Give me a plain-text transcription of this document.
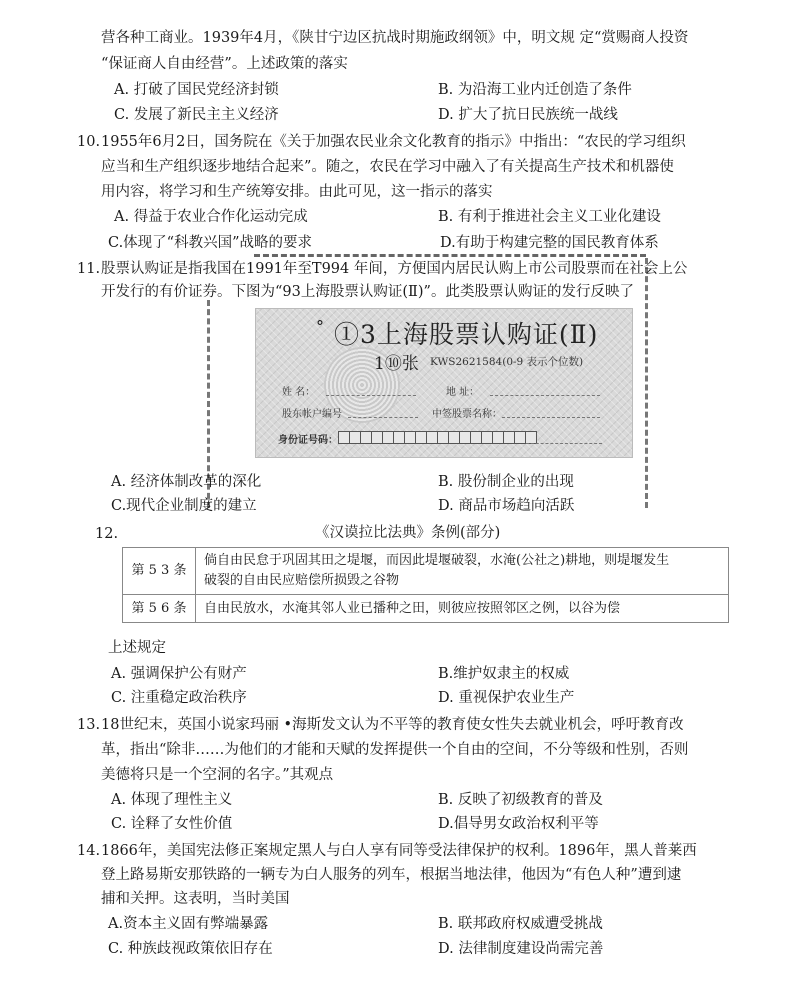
营各种工商业。1939年4月，《陕甘宁边区抗战时期施政纲领》中，明文规 定“赏赐商人投资
“保证商人自由经营”。上述政策的落实
A. 打破了国民党经济封锁	B. 为沿海工业内迁创造了条件
C. 发展了新民主主义经济	D. 扩大了抗日民族统一战线
10. 1955年6月2日，国务院在《关于加强农民业余文化教育的指示》中指出：“农民的学习组织
应当和生产组织逐步地结合起来”。随之，农民在学习中融入了有关提高生产技术和机器使
用内容，将学习和生产统筹安排。由此可见，这一指示的落实
A. 得益于农业合作化运动完成	B. 有利于推进社会主义工业化建设
C.体现了“科教兴国”战略的要求	D.有助于构建完整的国民教育体系
11. 股票认购证是指我国在1991年至T994 年间，方便国内居民认购上市公司股票而在社会上公
开发行的有价证券。下图为“93上海股票认购证(Ⅱ)”。此类股票认购证的发行反映了
° ①3上海股票认购证(Ⅱ)
1⑩张 KWS2621584(0-9 表示个位数)
姓 名：	地 址：
股东帐户编号	中签股票名称：
身份证号码：
A. 经济体制改革的深化	B. 股份制企业的出现
C.现代企业制度的建立	D. 商品市场趋向活跃
12.	《汉谟拉比法典》条例(部分)
第 5 3 条	倘自由民怠于巩固其田之堤堰，而因此堤堰破裂，水淹(公社之)耕地，则堤堰发生
破裂的自由民应赔偿所损毁之谷物

第 5 6 条	自由民放水，水淹其邻人业已播种之田，则彼应按照邻区之例，以谷为偿
上述规定
A. 强调保护公有财产	B.维护奴隶主的权威
C. 注重稳定政治秩序	D. 重视保护农业生产
13. 18世纪末，英国小说家玛丽 •海斯发文认为不平等的教育使女性失去就业机会，呼吁教育改
革，指出“除非……为他们的才能和天赋的发挥提供一个自由的空间，不分等级和性别，否则
美德将只是一个空洞的名字。”其观点
A. 体现了理性主义	B. 反映了初级教育的普及
C. 诠释了女性价值	D.倡导男女政治权利平等
14. 1866年，美国宪法修正案规定黑人与白人享有同等受法律保护的权利。1896年，黑人普莱西
登上路易斯安那铁路的一辆专为白人服务的列车，根据当地法律，他因为“有色人种”遭到逮
捕和关押。这表明，当时美国
A.资本主义固有弊端暴露	B. 联邦政府权威遭受挑战
C. 种族歧视政策依旧存在	D. 法律制度建设尚需完善
